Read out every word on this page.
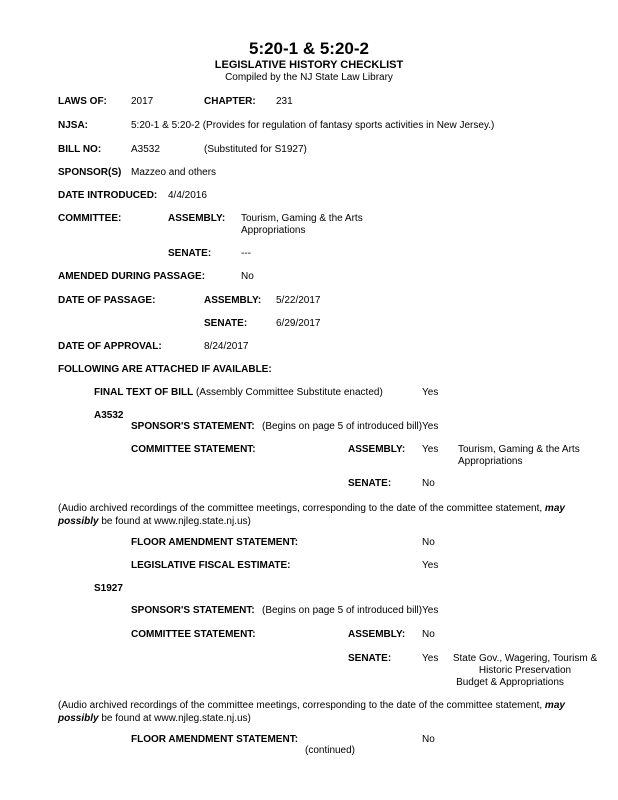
5:20-1 & 5:20-2
LEGISLATIVE HISTORY CHECKLIST
Compiled by the NJ State Law Library
LAWS OF: 2017	CHAPTER: 231
NJSA:	5:20-1 & 5:20-2 (Provides for regulation of fantasy sports activities in New Jersey.)
BILL NO:	A3532	(Substituted for S1927)
SPONSOR(S) Mazzeo and others
DATE INTRODUCED: 4/4/2016
COMMITTEE:	ASSEMBLY: Tourism, Gaming & the Arts
Appropriations
SENATE:	---
AMENDED DURING PASSAGE:	No
DATE OF PASSAGE:	ASSEMBLY: 5/22/2017
SENATE:	6/29/2017
DATE OF APPROVAL:	8/24/2017
FOLLOWING ARE ATTACHED IF AVAILABLE:
FINAL TEXT OF BILL (Assembly Committee Substitute enacted)	Yes
A3532
SPONSOR'S STATEMENT: (Begins on page 5 of introduced bill) Yes
COMMITTEE STATEMENT:	ASSEMBLY: Yes Tourism, Gaming & the Arts
Appropriations
SENATE:	No
(Audio archived recordings of the committee meetings, corresponding to the date of the committee statement, may possibly be found at www.njleg.state.nj.us)
FLOOR AMENDMENT STATEMENT:	No
LEGISLATIVE FISCAL ESTIMATE:	Yes
S1927
SPONSOR'S STATEMENT: (Begins on page 5 of introduced bill) Yes
COMMITTEE STATEMENT:	ASSEMBLY: No
SENATE:	Yes	State Gov., Wagering, Tourism &
Historic Preservation
Budget & Appropriations
(Audio archived recordings of the committee meetings, corresponding to the date of the committee statement, may possibly be found at www.njleg.state.nj.us)
FLOOR AMENDMENT STATEMENT:	No
(continued)
